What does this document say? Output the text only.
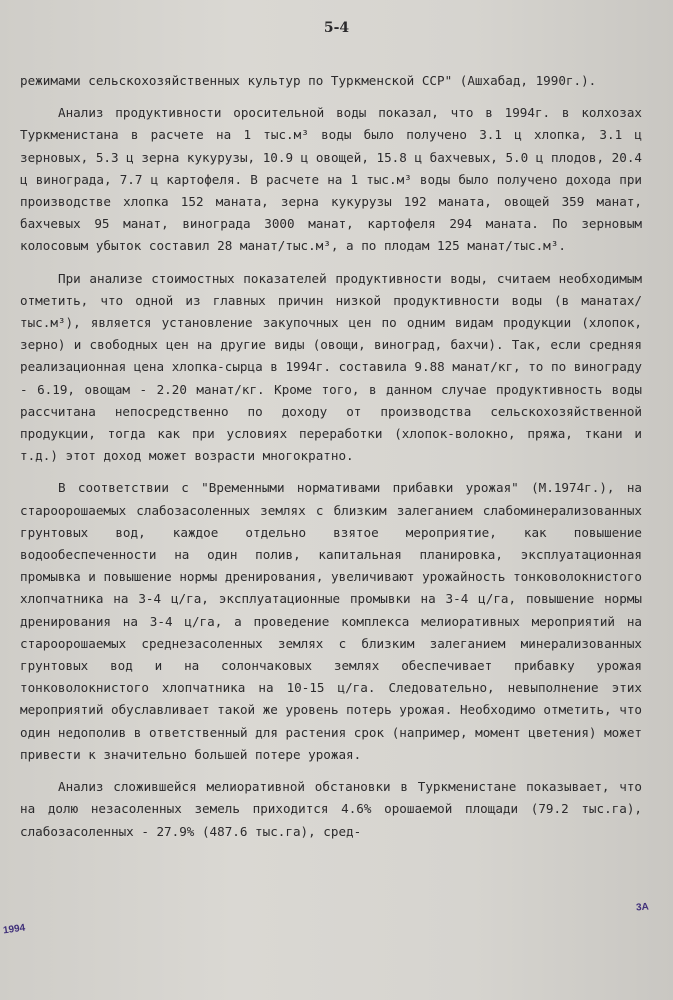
5-4

режимами сельскохозяйственных культур по Туркменской ССР" (Ашхабад, 1990г.).

Анализ продуктивности оросительной воды показал, что в 1994г. в колхозах Туркменистана в расчете на 1 тыс.м³ воды было получено 3.1 ц хлопка, 3.1 ц зерновых, 5.3 ц зерна кукурузы, 10.9 ц овощей, 15.8 ц бахчевых, 5.0 ц плодов, 20.4 ц винограда, 7.7 ц картофеля. В расчете на 1 тыс.м³ воды было получено дохода при производстве хлопка 152 маната, зерна кукурузы 192 маната, овощей 359 манат, бахчевых 95 манат, винограда 3000 манат, картофеля 294 маната. По зерновым колосовым убыток составил 28 манат/тыс.м³, а по плодам 125 манат/тыс.м³.

При анализе стоимостных показателей продуктивности воды, считаем необходимым отметить, что одной из главных причин низкой продуктивности воды (в манатах/тыс.м³), является установление закупочных цен по одним видам продукции (хлопок, зерно) и свободных цен на другие виды (овощи, виноград, бахчи). Так, если средняя реализационная цена хлопка-сырца в 1994г. составила 9.88 манат/кг, то по винограду - 6.19, овощам - 2.20 манат/кг. Кроме того, в данном случае продуктивность воды рассчитана непосредственно по доходу от производства сельскохозяйственной продукции, тогда как при условиях переработки (хлопок-волокно, пряжа, ткани и т.д.) этот доход может возрасти многократно.

В соответствии с "Временными нормативами прибавки урожая" (М.1974г.), на староорошаемых слабозасоленных землях с близким залеганием слабоминерализованных грунтовых вод, каждое отдельно взятое мероприятие, как повышение водообеспеченности на один полив, капитальная планировка, эксплуатационная промывка и повышение нормы дренирования, увеличивают урожайность тонковолокнистого хлопчатника на 3-4 ц/га, эксплуатационные промывки на 3-4 ц/га, повышение нормы дренирования на 3-4 ц/га, а проведение комплекса мелиоративных мероприятий на староорошаемых среднезасоленных землях с близким залеганием минерализованных грунтовых вод и на солончаковых землях обеспечивает прибавку урожая тонковолокнистого хлопчатника на 10-15 ц/га. Следовательно, невыполнение этих мероприятий обуславливает такой же уровень потерь урожая. Необходимо отметить, что один недополив в ответственный для растения срок (например, момент цветения) может привести к значительно большей потере урожая.

Анализ сложившейся мелиоративной обстановки в Туркменистане показывает, что на долю незасоленных земель приходится 4.6% орошаемой площади (79.2 тыс.га), слабозасоленных - 27.9% (487.6 тыс.га), сред-

1994
3A
